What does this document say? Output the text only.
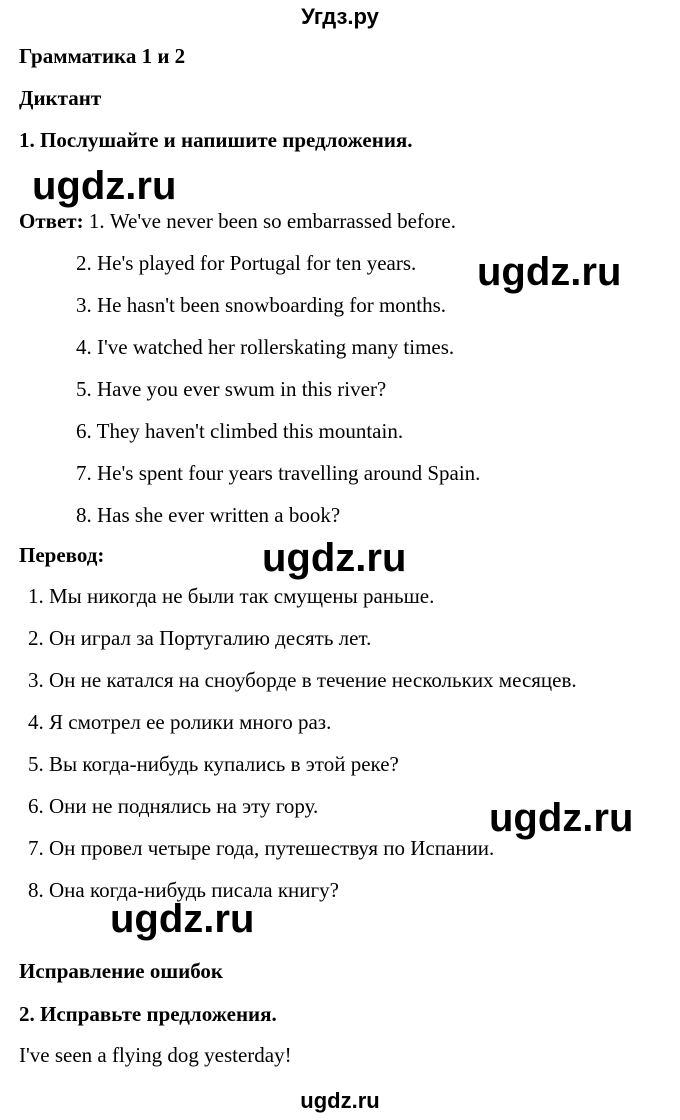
Угдз.ру
Грамматика 1 и 2
Диктант
1. Послушайте и напишите предложения.
ugdz.ru
Ответ: 1. We've never been so embarrassed before.
2. He's played for Portugal for ten years.
3. He hasn't been snowboarding for months.
4. I've watched her rollerskating many times.
5. Have you ever swum in this river?
6. They haven't climbed this mountain.
7. He's spent four years travelling around Spain.
8. Has she ever written a book?
ugdz.ru
Перевод:	ugdz.ru
1. Мы никогда не были так смущены раньше.
2. Он играл за Португалию десять лет.
3. Он не катался на сноуборде в течение нескольких месяцев.
4. Я смотрел ее ролики много раз.
5. Вы когда-нибудь купались в этой реке?
6. Они не поднялись на эту гору.
7. Он провел четыре года, путешествуя по Испании.
8. Она когда-нибудь писала книгу?
ugdz.ru
ugdz.ru
Исправление ошибок
2. Исправьте предложения.
I've seen a flying dog yesterday!
ugdz.ru
